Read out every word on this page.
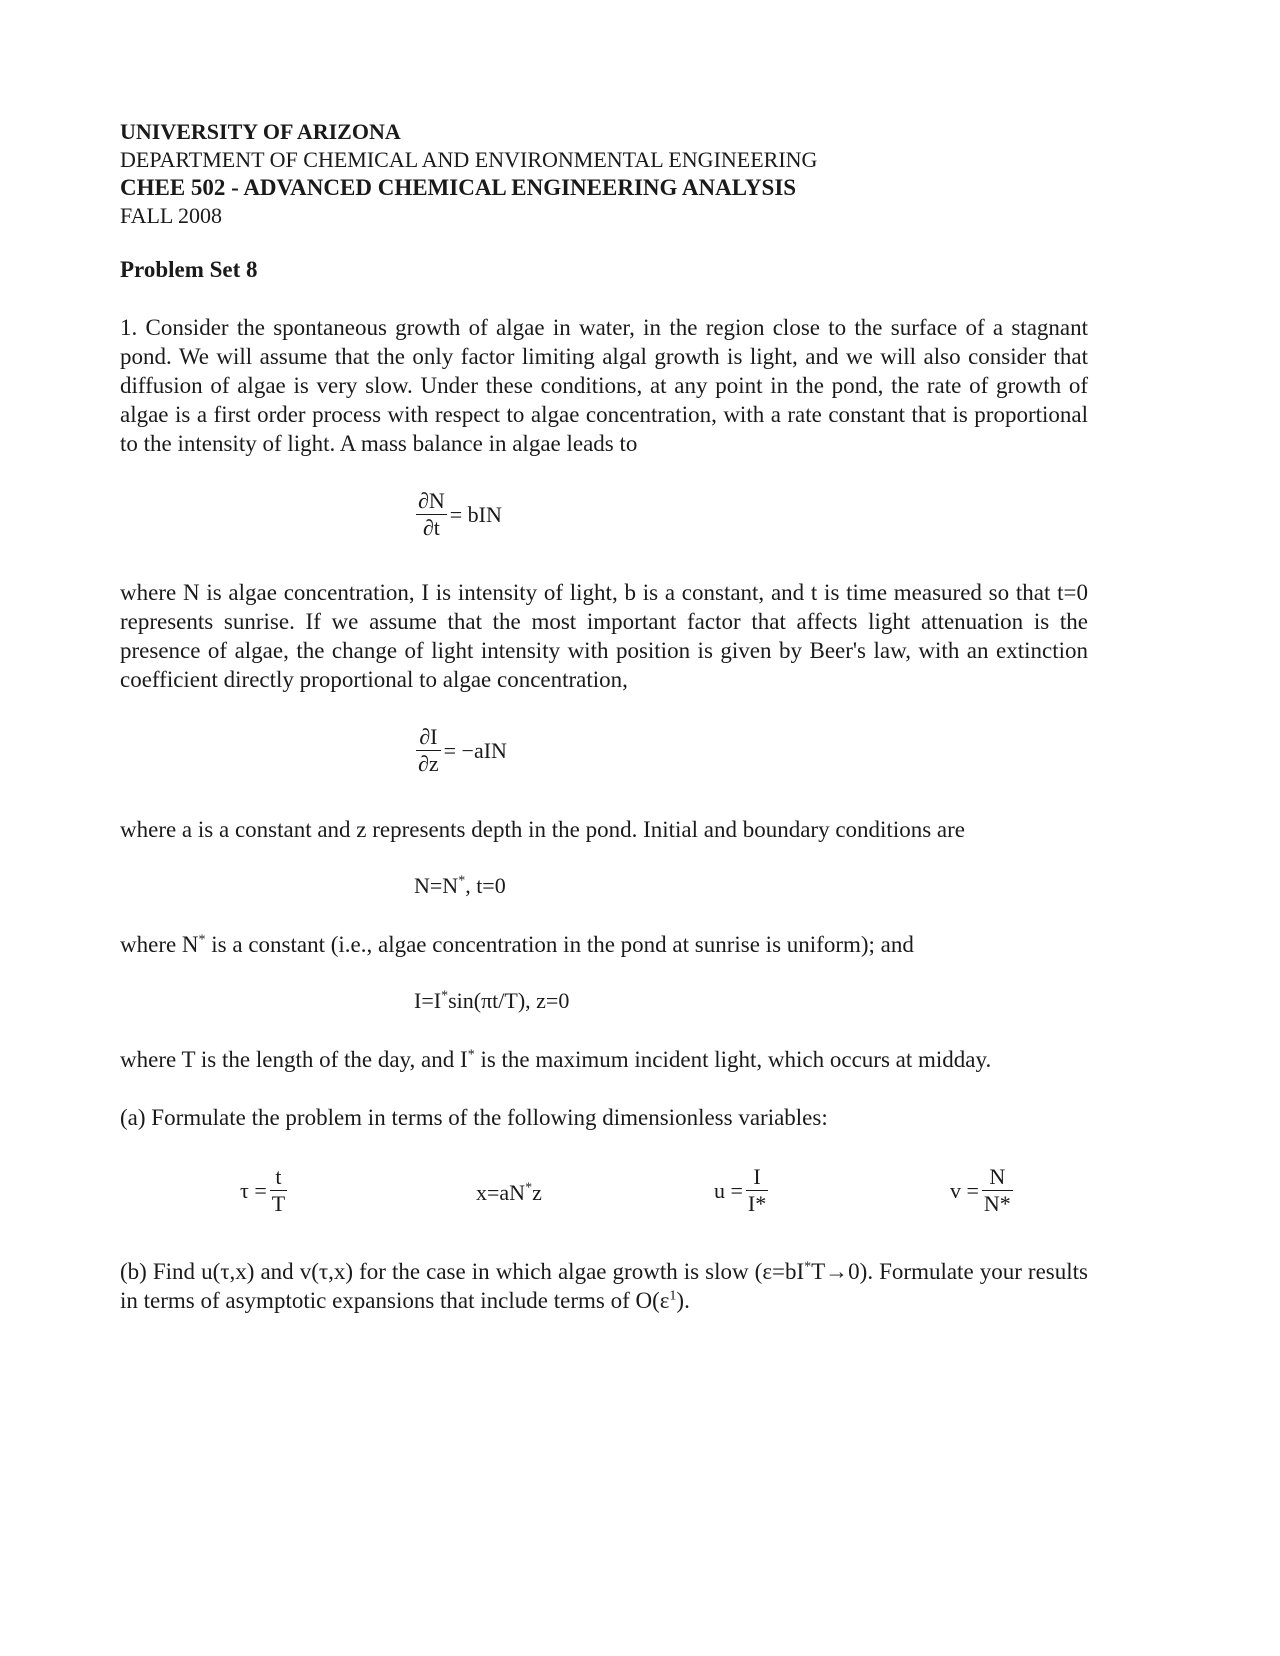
UNIVERSITY OF ARIZONA
DEPARTMENT OF CHEMICAL AND ENVIRONMENTAL ENGINEERING
CHEE 502 - ADVANCED CHEMICAL ENGINEERING ANALYSIS
FALL 2008
Problem Set 8
1. Consider the spontaneous growth of algae in water, in the region close to the surface of a stagnant pond. We will assume that the only factor limiting algal growth is light, and we will also consider that diffusion of algae is very slow. Under these conditions, at any point in the pond, the rate of growth of algae is a first order process with respect to algae concentration, with a rate constant that is proportional to the intensity of light. A mass balance in algae leads to
$\frac{\partial N}{\partial t}$ = bIN
where N is algae concentration, I is intensity of light, b is a constant, and t is time measured so that t=0 represents sunrise. If we assume that the most important factor that affects light attenuation is the presence of algae, the change of light intensity with position is given by Beer's law, with an extinction coefficient directly proportional to algae concentration,
$\frac{\partial I}{\partial z} = -aIN$
where a is a constant and z represents depth in the pond. Initial and boundary conditions are
N=N*, t=0
where N* is a constant (i.e., algae concentration in the pond at sunrise is uniform); and
I=I*sin(πt/T), z=0
where T is the length of the day, and I* is the maximum incident light, which occurs at midday.
(a) Formulate the problem in terms of the following dimensionless variables:
$\tau = \frac{t}{T}$	x=aN*z	$u = \frac{I}{I*}$	$v = \frac{N}{N*}$
(b) Find u(τ,x) and v(τ,x) for the case in which algae growth is slow (ε=bI*T→0). Formulate your results in terms of asymptotic expansions that include terms of $O(\varepsilon^1)$.
